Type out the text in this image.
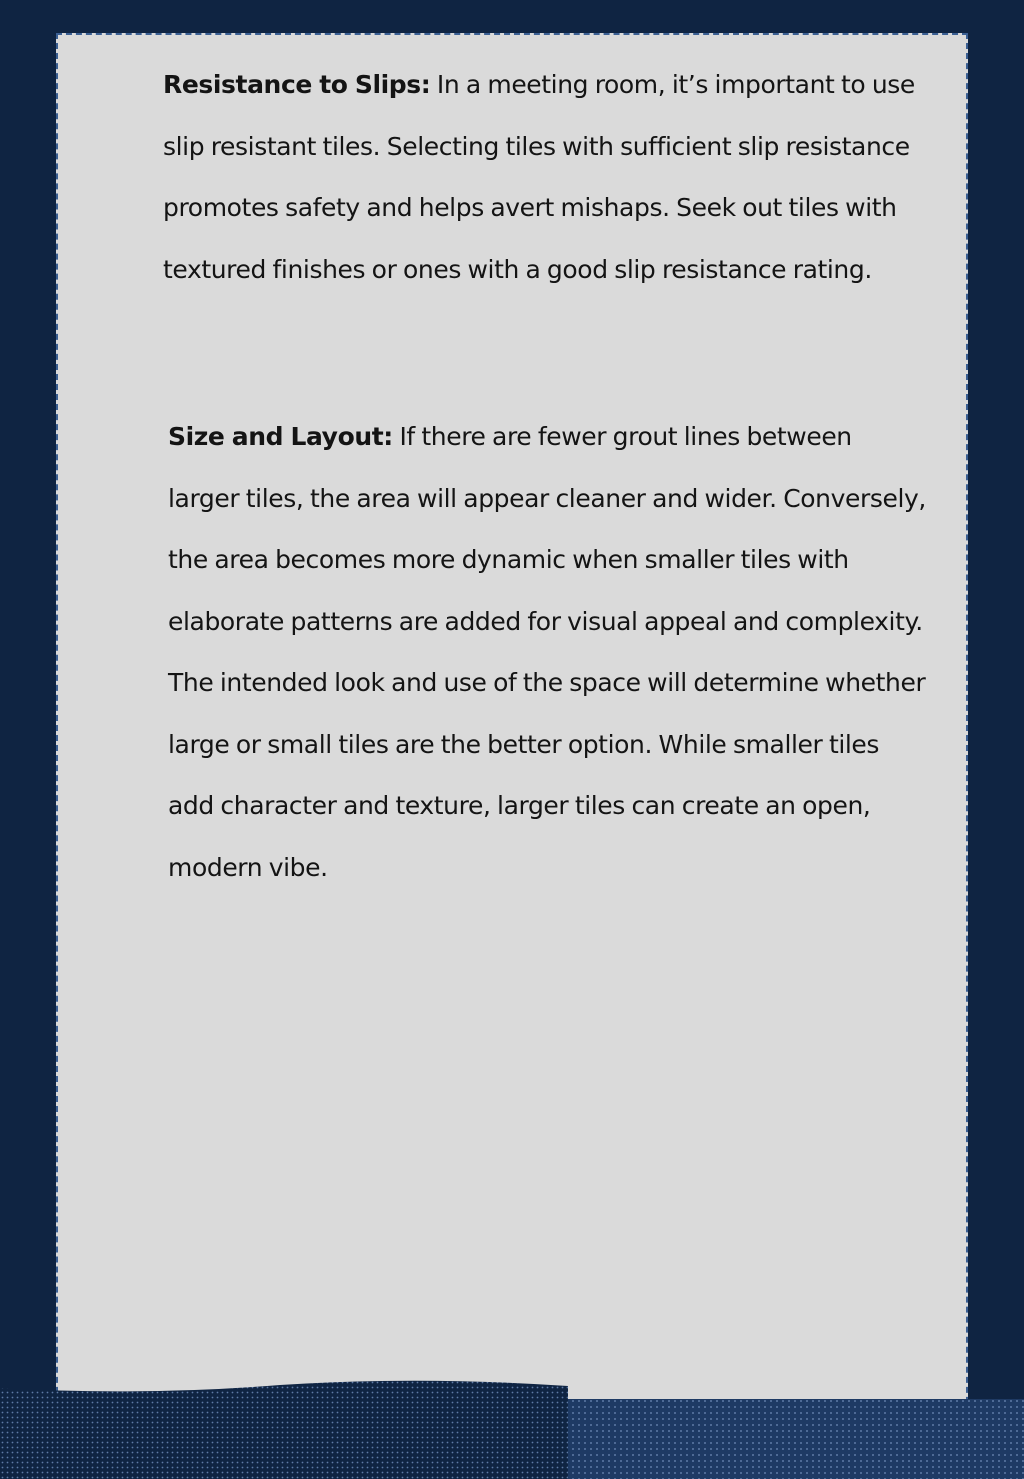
Resistance to Slips: In a meeting room, it’s important to use slip resistant tiles. Selecting tiles with sufficient slip resistance promotes safety and helps avert mishaps. Seek out tiles with textured finishes or ones with a good slip resistance rating.

Size and Layout: If there are fewer grout lines between larger tiles, the area will appear cleaner and wider. Conversely, the area becomes more dynamic when smaller tiles with elaborate patterns are added for visual appeal and complexity. The intended look and use of the space will determine whether large or small tiles are the better option. While smaller tiles add character and texture, larger tiles can create an open, modern vibe.
